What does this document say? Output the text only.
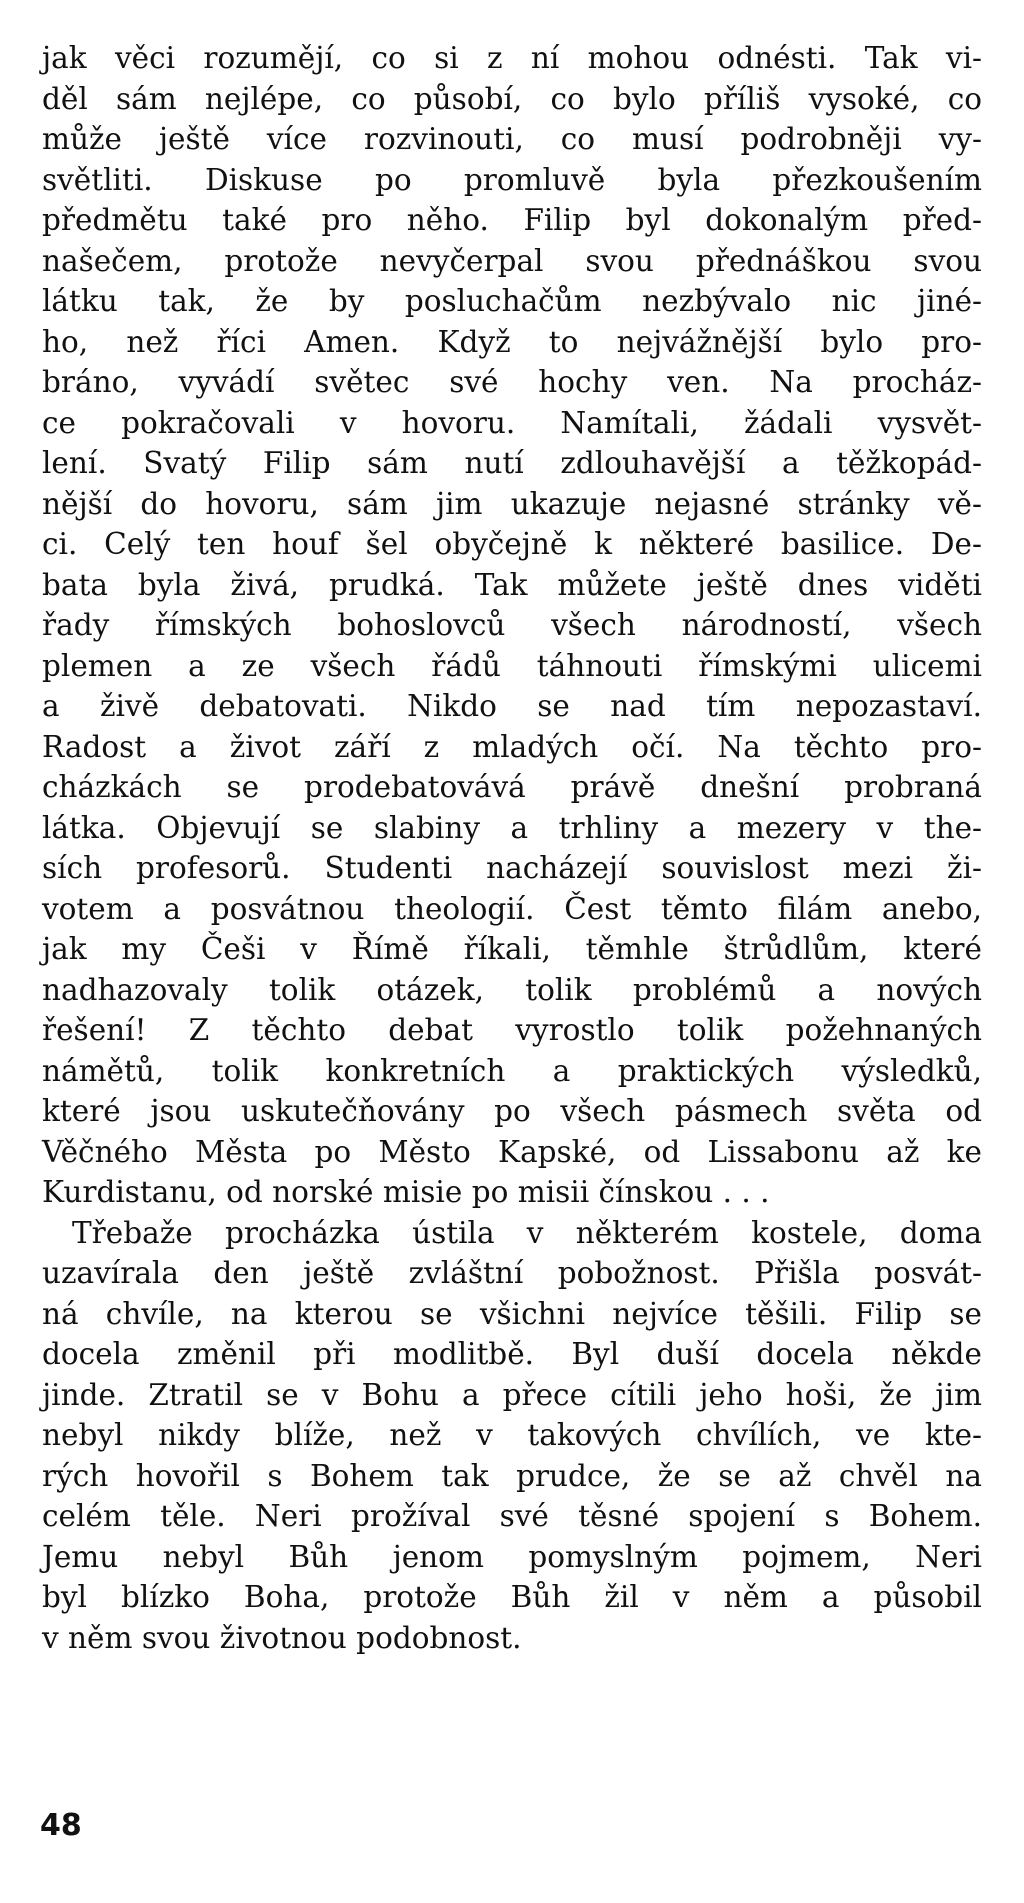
jak věci rozumějí, co si z ní mohou odnésti. Tak vi-
děl sám nejlépe, co působí, co bylo příliš vysoké, co
může ještě více rozvinouti, co musí podrobněji vy-
světliti. Diskuse po promluvě byla přezkoušením
předmětu také pro něho. Filip byl dokonalým před-
našečem, protože nevyčerpal svou přednáškou svou
látku tak, že by posluchačům nezbývalo nic jiné-
ho, než říci Amen. Když to nejvážnější bylo pro-
bráno, vyvádí světec své hochy ven. Na procház-
ce pokračovali v hovoru. Namítali, žádali vysvět-
lení. Svatý Filip sám nutí zdlouhavější a těžkopád-
nější do hovoru, sám jim ukazuje nejasné stránky vě-
ci. Celý ten houf šel obyčejně k některé basilice. De-
bata byla živá, prudká. Tak můžete ještě dnes viděti
řady římských bohoslovců všech národností, všech
plemen a ze všech řádů táhnouti římskými ulicemi
a živě debatovati. Nikdo se nad tím nepozastaví.
Radost a život září z mladých očí. Na těchto pro-
cházkách se prodebatovává právě dnešní probraná
látka. Objevují se slabiny a trhliny a mezery v the-
sích profesorů. Studenti nacházejí souvislost mezi ži-
votem a posvátnou theologií. Čest těmto filám anebo,
jak my Češi v Římě říkali, těmhle štrůdlům, které
nadhazovaly tolik otázek, tolik problémů a nových
řešení! Z těchto debat vyrostlo tolik požehnaných
námětů, tolik konkretních a praktických výsledků,
které jsou uskutečňovány po všech pásmech světa od
Věčného Města po Město Kapské, od Lissabonu až ke
Kurdistanu, od norské misie po misii čínskou . . .
Třebaže procházka ústila v některém kostele, doma
uzavírala den ještě zvláštní pobožnost. Přišla posvát-
ná chvíle, na kterou se všichni nejvíce těšili. Filip se
docela změnil při modlitbě. Byl duší docela někde
jinde. Ztratil se v Bohu a přece cítili jeho hoši, že jim
nebyl nikdy blíže, než v takových chvílích, ve kte-
rých hovořil s Bohem tak prudce, že se až chvěl na
celém těle. Neri prožíval své těsné spojení s Bohem.
Jemu nebyl Bůh jenom pomyslným pojmem, Neri
byl blízko Boha, protože Bůh žil v něm a působil
v něm svou životnou podobnost.
48
